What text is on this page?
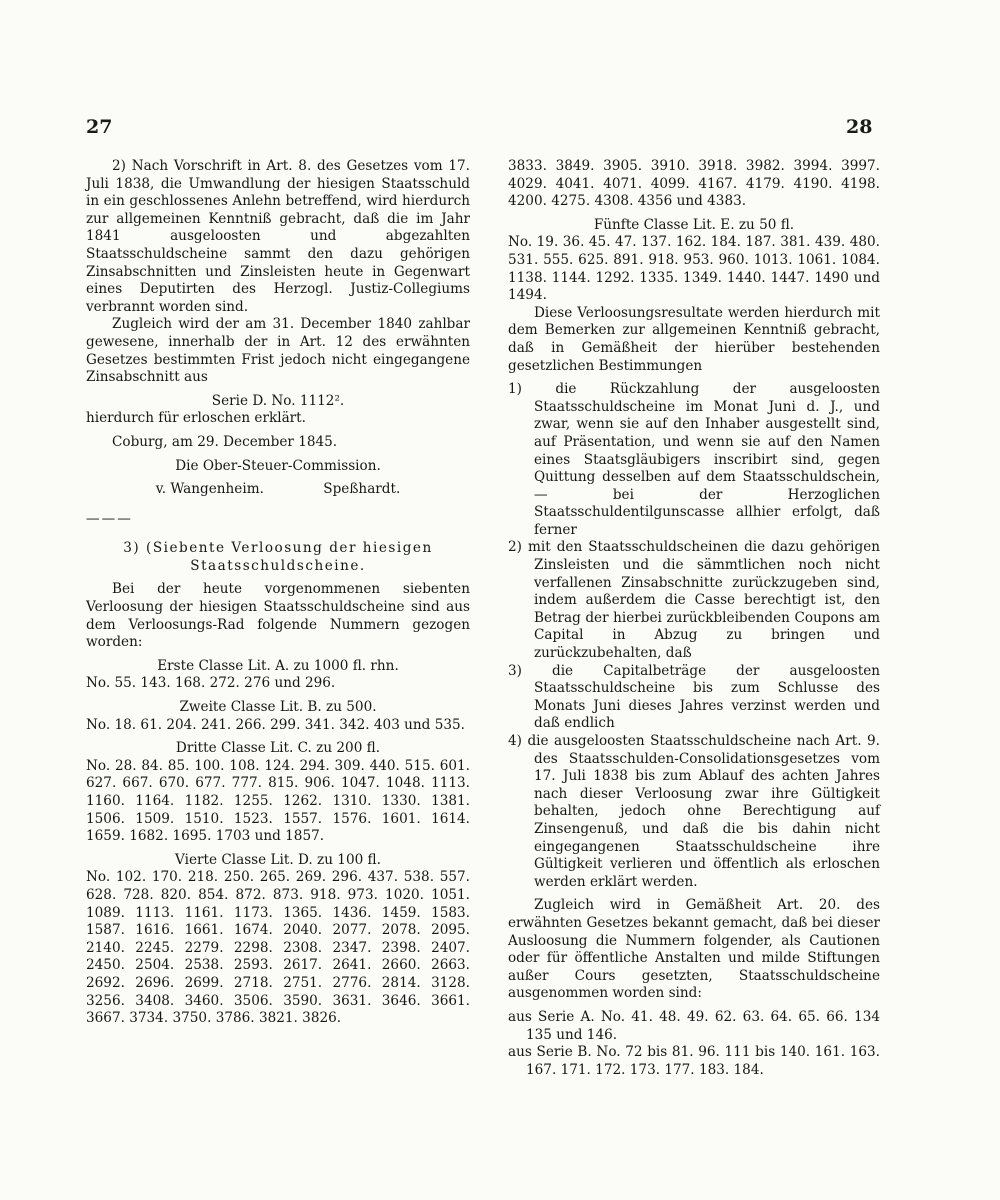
27	28

2) Nach Vorschrift in Art. 8. des Gesetzes vom 17. Juli 1838, die Umwandlung der hiesigen Staatsschuld in ein geschlossenes Anlehn betreffend, wird hierdurch zur allgemeinen Kenntniß gebracht, daß die im Jahr 1841 ausgeloosten und abgezahlten Staatsschuldscheine sammt den dazu gehörigen Zinsabschnitten und Zinsleisten heute in Gegenwart eines Deputirten des Herzogl. Justiz-Collegiums verbrannt worden sind.

Zugleich wird der am 31. December 1840 zahlbar gewesene, innerhalb der in Art. 12 des erwähnten Gesetzes bestimmten Frist jedoch nicht eingegangene Zinsabschnitt aus

Serie D. No. 1112².

hierdurch für erloschen erklärt.

Coburg, am 29. December 1845.

Die Ober-Steuer-Commission.

v. Wangenheim.	Speßhardt.

———

3) (Siebente Verloosung der hiesigen Staatsschuldscheine.

Bei der heute vorgenommenen siebenten Verloosung der hiesigen Staatsschuldscheine sind aus dem Verloosungs-Rad folgende Nummern gezogen worden:

Erste Classe Lit. A. zu 1000 fl. rhn.

No. 55. 143. 168. 272. 276 und 296.

Zweite Classe Lit. B. zu 500.

No. 18. 61. 204. 241. 266. 299. 341. 342. 403 und 535.

Dritte Classe Lit. C. zu 200 fl.

No. 28. 84. 85. 100. 108. 124. 294. 309. 440. 515. 601. 627. 667. 670. 677. 777. 815. 906. 1047. 1048. 1113. 1160. 1164. 1182. 1255. 1262. 1310. 1330. 1381. 1506. 1509. 1510. 1523. 1557. 1576. 1601. 1614. 1659. 1682. 1695. 1703 und 1857.

Vierte Classe Lit. D. zu 100 fl.

No. 102. 170. 218. 250. 265. 269. 296. 437. 538. 557. 628. 728. 820. 854. 872. 873. 918. 973. 1020. 1051. 1089. 1113. 1161. 1173. 1365. 1436. 1459. 1583. 1587. 1616. 1661. 1674. 2040. 2077. 2078. 2095. 2140. 2245. 2279. 2298. 2308. 2347. 2398. 2407. 2450. 2504. 2538. 2593. 2617. 2641. 2660. 2663. 2692. 2696. 2699. 2718. 2751. 2776. 2814. 3128. 3256. 3408. 3460. 3506. 3590. 3631. 3646. 3661. 3667. 3734. 3750. 3786. 3821. 3826.

3833. 3849. 3905. 3910. 3918. 3982. 3994. 3997. 4029. 4041. 4071. 4099. 4167. 4179. 4190. 4198. 4200. 4275. 4308. 4356 und 4383.

Fünfte Classe Lit. E. zu 50 fl.

No. 19. 36. 45. 47. 137. 162. 184. 187. 381. 439. 480. 531. 555. 625. 891. 918. 953. 960. 1013. 1061. 1084. 1138. 1144. 1292. 1335. 1349. 1440. 1447. 1490 und 1494.

Diese Verloosungsresultate werden hierdurch mit dem Bemerken zur allgemeinen Kenntniß gebracht, daß in Gemäßheit der hierüber bestehenden gesetzlichen Bestimmungen

1) die Rückzahlung der ausgeloosten Staatsschuldscheine im Monat Juni d. J., und zwar, wenn sie auf den Inhaber ausgestellt sind, auf Präsentation, und wenn sie auf den Namen eines Staatsgläubigers inscribirt sind, gegen Quittung desselben auf dem Staatsschuldschein, — bei der Herzoglichen Staatsschuldentilgunscasse allhier erfolgt, daß ferner

2) mit den Staatsschuldscheinen die dazu gehörigen Zinsleisten und die sämmtlichen noch nicht verfallenen Zinsabschnitte zurückzugeben sind, indem außerdem die Casse berechtigt ist, den Betrag der hierbei zurückbleibenden Coupons am Capital in Abzug zu bringen und zurückzubehalten, daß

3) die Capitalbeträge der ausgeloosten Staatsschuldscheine bis zum Schlusse des Monats Juni dieses Jahres verzinst werden und daß endlich

4) die ausgeloosten Staatsschuldscheine nach Art. 9. des Staatsschulden-Consolidationsgesetzes vom 17. Juli 1838 bis zum Ablauf des achten Jahres nach dieser Verloosung zwar ihre Gültigkeit behalten, jedoch ohne Berechtigung auf Zinsengenuß, und daß die bis dahin nicht eingegangenen Staatsschuldscheine ihre Gültigkeit verlieren und öffentlich als erloschen werden erklärt werden.

Zugleich wird in Gemäßheit Art. 20. des erwähnten Gesetzes bekannt gemacht, daß bei dieser Ausloosung die Nummern folgender, als Cautionen oder für öffentliche Anstalten und milde Stiftungen außer Cours gesetzten, Staatsschuldscheine ausgenommen worden sind:

aus Serie A. No. 41. 48. 49. 62. 63. 64. 65. 66. 134 135 und 146.

aus Serie B. No. 72 bis 81. 96. 111 bis 140. 161. 163. 167. 171. 172. 173. 177. 183. 184.
